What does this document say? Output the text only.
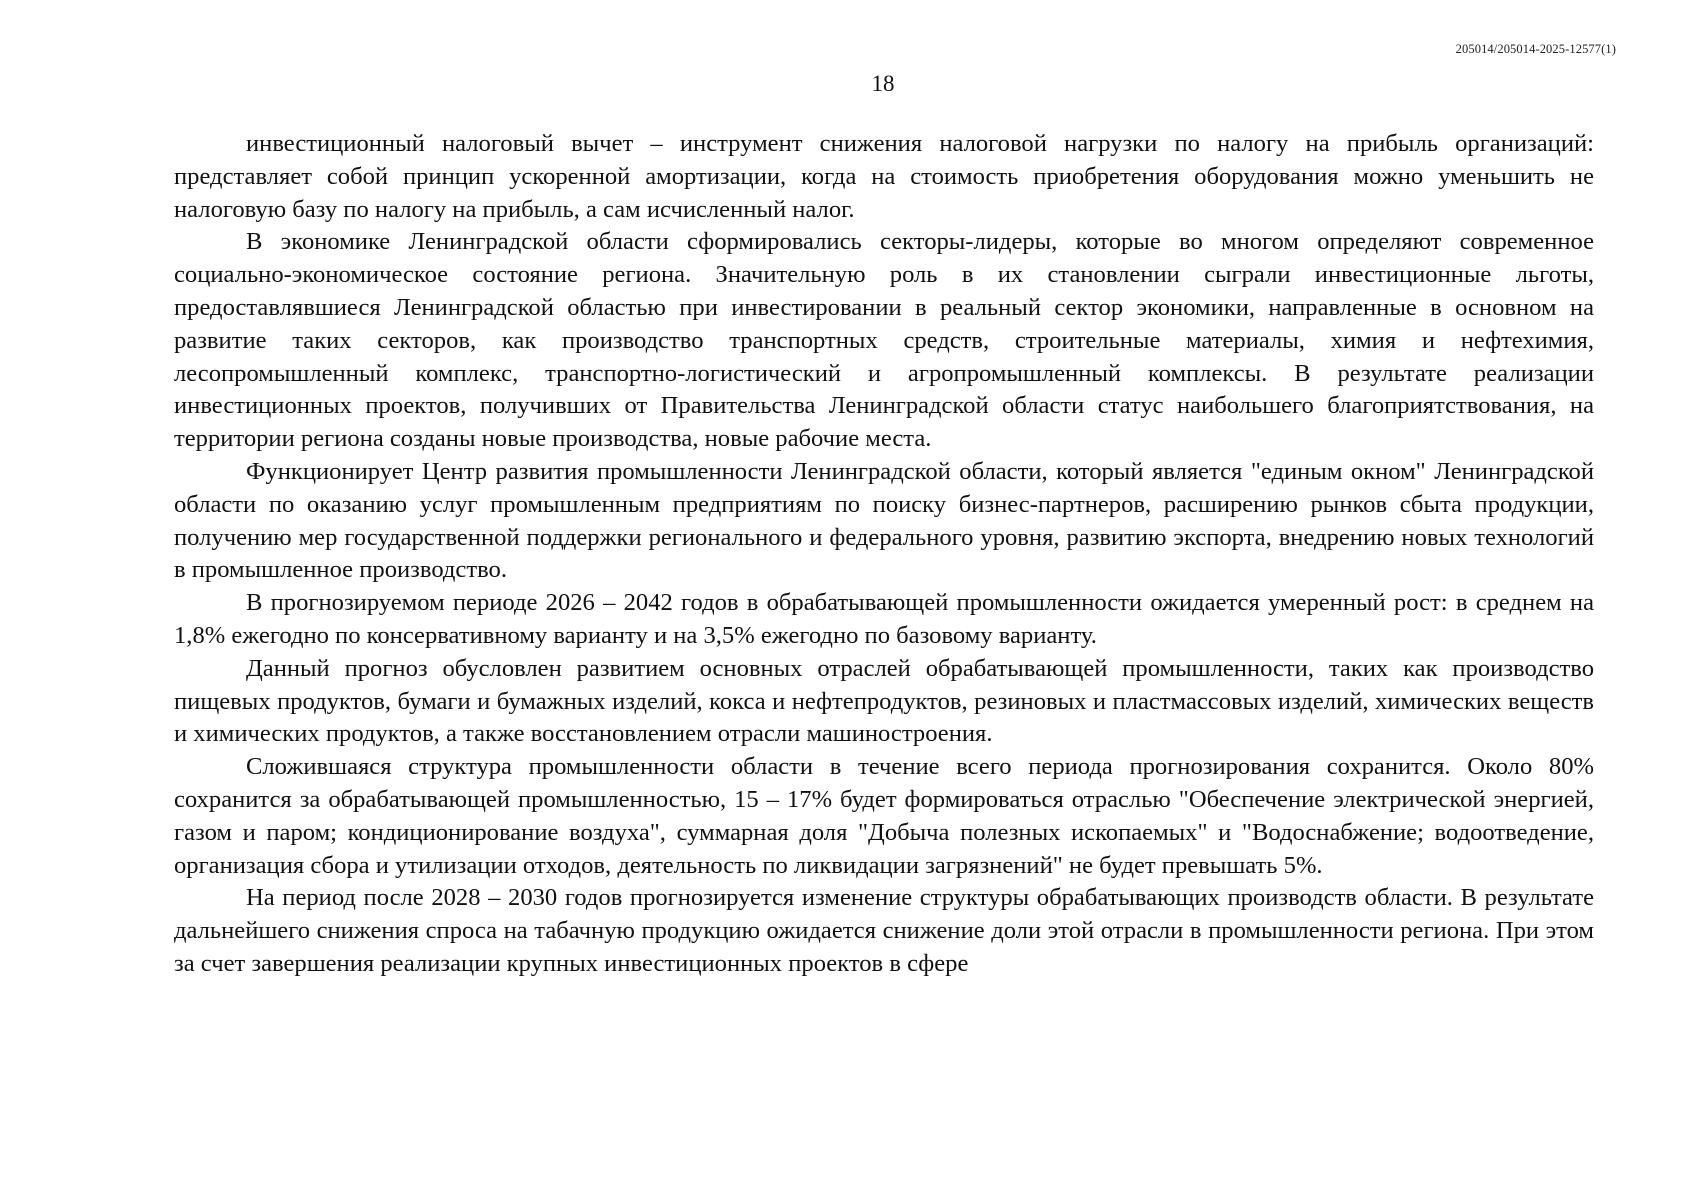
205014/205014-2025-12577(1)
18

инвестиционный налоговый вычет – инструмент снижения налоговой нагрузки по налогу на прибыль организаций: представляет собой принцип ускоренной амортизации, когда на стоимость приобретения оборудования можно уменьшить не налоговую базу по налогу на прибыль, а сам исчисленный налог.

В экономике Ленинградской области сформировались секторы-лидеры, которые во многом определяют современное социально-экономическое состояние региона. Значительную роль в их становлении сыграли инвестиционные льготы, предоставлявшиеся Ленинградской областью при инвестировании в реальный сектор экономики, направленные в основном на развитие таких секторов, как производство транспортных средств, строительные материалы, химия и нефтехимия, лесопромышленный комплекс, транспортно-логистический и агропромышленный комплексы. В результате реализации инвестиционных проектов, получивших от Правительства Ленинградской области статус наибольшего благоприятствования, на территории региона созданы новые производства, новые рабочие места.

Функционирует Центр развития промышленности Ленинградской области, который является "единым окном" Ленинградской области по оказанию услуг промышленным предприятиям по поиску бизнес-партнеров, расширению рынков сбыта продукции, получению мер государственной поддержки регионального и федерального уровня, развитию экспорта, внедрению новых технологий в промышленное производство.

В прогнозируемом периоде 2026 – 2042 годов в обрабатывающей промышленности ожидается умеренный рост: в среднем на 1,8% ежегодно по консервативному варианту и на 3,5% ежегодно по базовому варианту.

Данный прогноз обусловлен развитием основных отраслей обрабатывающей промышленности, таких как производство пищевых продуктов, бумаги и бумажных изделий, кокса и нефтепродуктов, резиновых и пластмассовых изделий, химических веществ и химических продуктов, а также восстановлением отрасли машиностроения.

Сложившаяся структура промышленности области в течение всего периода прогнозирования сохранится. Около 80% сохранится за обрабатывающей промышленностью, 15 – 17% будет формироваться отраслью "Обеспечение электрической энергией, газом и паром; кондиционирование воздуха", суммарная доля "Добыча полезных ископаемых" и "Водоснабжение; водоотведение, организация сбора и утилизации отходов, деятельность по ликвидации загрязнений" не будет превышать 5%.

На период после 2028 – 2030 годов прогнозируется изменение структуры обрабатывающих производств области. В результате дальнейшего снижения спроса на табачную продукцию ожидается снижение доли этой отрасли в промышленности региона. При этом за счет завершения реализации крупных инвестиционных проектов в сфере
